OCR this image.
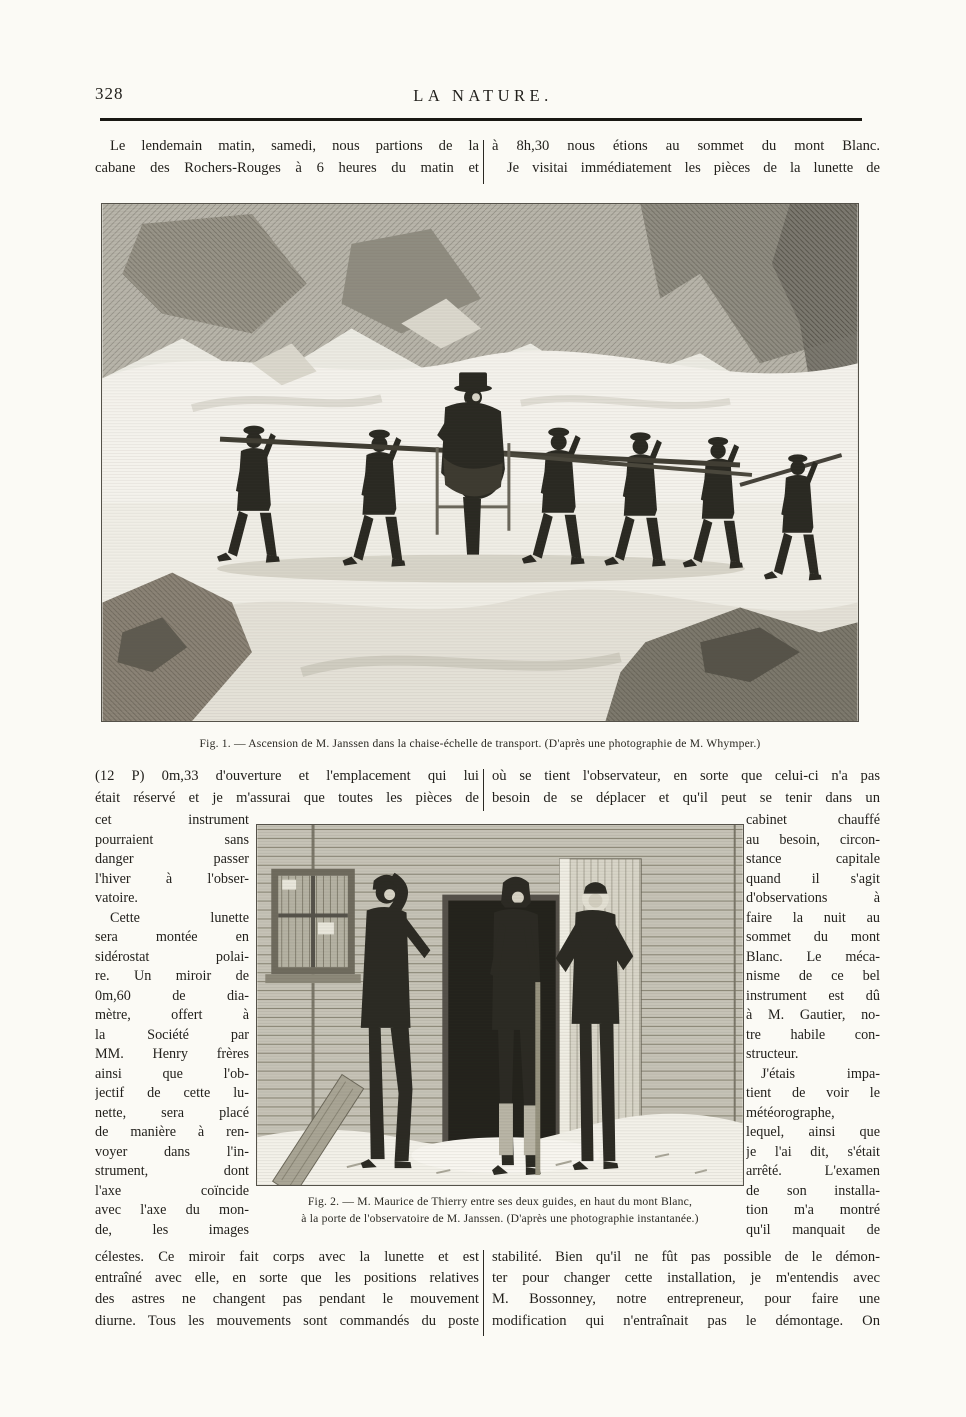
328	LA NATURE.
Le lendemain matin, samedi, nous partions de la
cabane des Rochers-Rouges à 6 heures du matin et
à 8h,30 nous étions au sommet du mont Blanc.
Je visitai immédiatement les pièces de la lunette de
Fig. 1. — Ascension de M. Janssen dans la chaise-échelle de transport. (D'après une photographie de M. Whymper.)
(12 P) 0m,33 d'ouverture et l'emplacement qui lui
était réservé et je m'assurai que toutes les pièces de
où se tient l'observateur, en sorte que celui-ci n'a pas
besoin de se déplacer et qu'il peut se tenir dans un
cet instrument
pourraient sans
danger passer
l'hiver à l'obser-
vatoire.
Cette lunette
sera montée en
sidérostat polai-
re. Un miroir de
0m,60 de dia-
mètre, offert à
la Société par
MM. Henry frères
ainsi que l'ob-
jectif de cette lu-
nette, sera placé
de manière à ren-
voyer dans l'in-
strument, dont
l'axe coïncide
avec l'axe du mon-
de, les images
cabinet chauffé
au besoin, circon-
stance capitale
quand il s'agit
d'observations à
faire la nuit au
sommet du mont
Blanc. Le méca-
nisme de ce bel
instrument est dû
à M. Gautier, no-
tre habile con-
structeur.
J'étais impa-
tient de voir le
météorographe,
lequel, ainsi que
je l'ai dit, s'était
arrêté. L'examen
de son installa-
tion m'a montré
qu'il manquait de
Fig. 2. — M. Maurice de Thierry entre ses deux guides, en haut du mont Blanc,
à la porte de l'observatoire de M. Janssen. (D'après une photographie instantanée.)
célestes. Ce miroir fait corps avec la lunette et est
entraîné avec elle, en sorte que les positions relatives
des astres ne changent pas pendant le mouvement
diurne. Tous les mouvements sont commandés du poste
stabilité. Bien qu'il ne fût pas possible de le démon-
ter pour changer cette installation, je m'entendis avec
M. Bossonney, notre entrepreneur, pour faire une
modification qui n'entraînait pas le démontage. On
